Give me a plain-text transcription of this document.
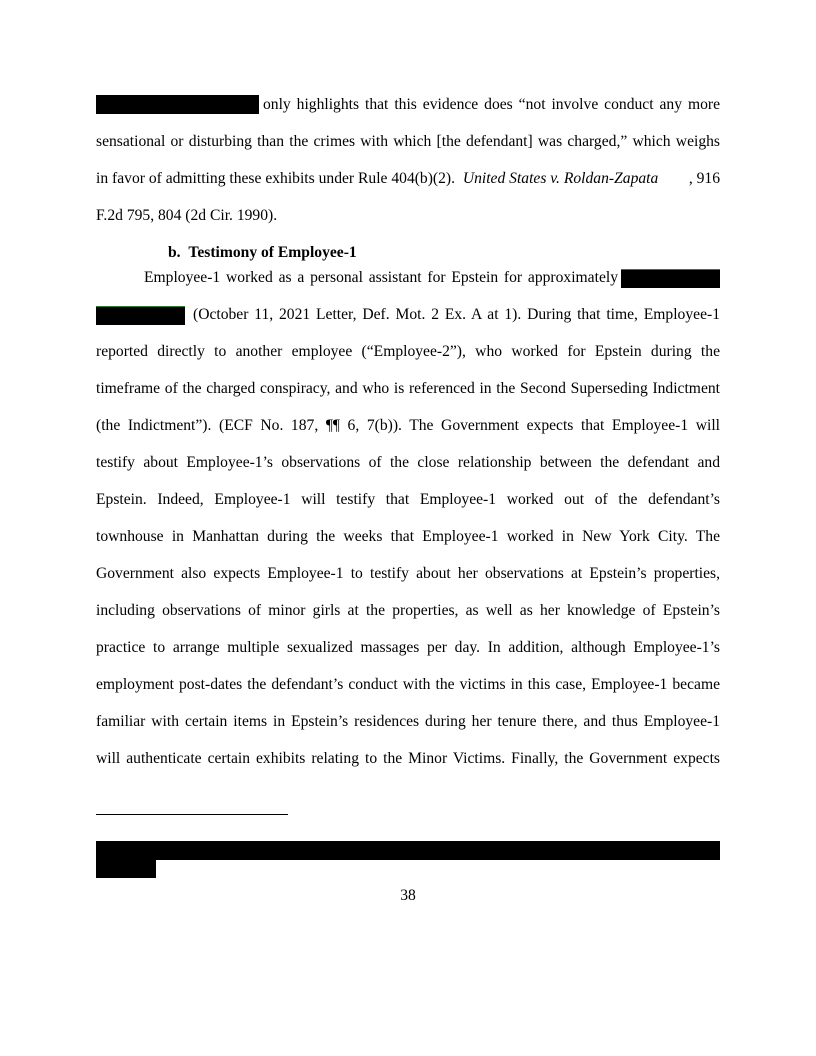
only highlights that this evidence does “not involve conduct any more
sensational or disturbing than the crimes with which [the defendant] was charged,” which weighs
in favor of admitting these exhibits under Rule 404(b)(2). United States v. Roldan-Zapata , 916
F.2d 795, 804 (2d Cir. 1990).
b. Testimony of Employee-1
Employee-1 worked as a personal assistant for Epstein for approximately
(October 11, 2021 Letter, Def. Mot. 2 Ex. A at 1). During that time, Employee-1
reported directly to another employee (“Employee-2”), who worked for Epstein during the
timeframe of the charged conspiracy, and who is referenced in the Second Superseding Indictment
(the Indictment”). (ECF No. 187, ¶¶ 6, 7(b)). The Government expects that Employee-1 will
testify about Employee-1’s observations of the close relationship between the defendant and
Epstein. Indeed, Employee-1 will testify that Employee-1 worked out of the defendant’s
townhouse in Manhattan during the weeks that Employee-1 worked in New York City. The
Government also expects Employee-1 to testify about her observations at Epstein’s properties,
including observations of minor girls at the properties, as well as her knowledge of Epstein’s
practice to arrange multiple sexualized massages per day. In addition, although Employee-1’s
employment post-dates the defendant’s conduct with the victims in this case, Employee-1 became
familiar with certain items in Epstein’s residences during her tenure there, and thus Employee-1
will authenticate certain exhibits relating to the Minor Victims. Finally, the Government expects
38
